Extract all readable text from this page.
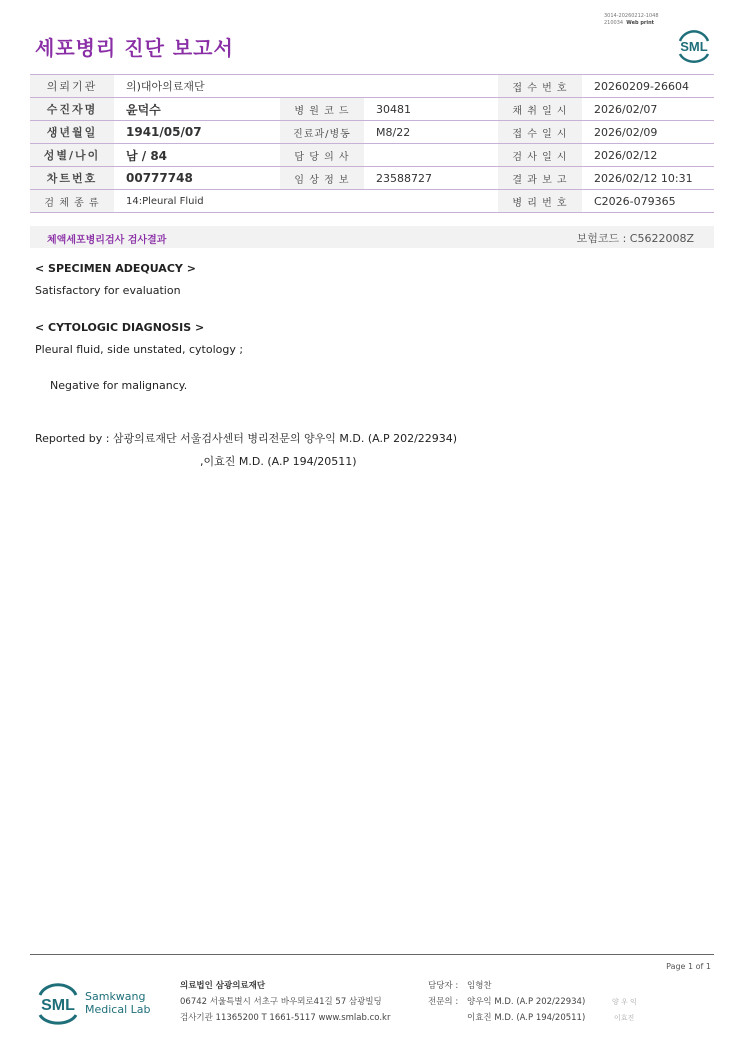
세포병리 진단 보고서
3014-20260212-1048
210034 Web print
SML
의뢰기관	의)대아의료재단			접 수 번 호	20260209-26604
수진자명	윤덕수	병 원 코 드	30481	채 취 일 시	2026/02/07
생년월일	1941/05/07	진료과/병동	M8/22	접 수 일 시	2026/02/09
성별/나이	남 / 84	담 당 의 사		검 사 일 시	2026/02/12
차트번호	00777748	임 상 정 보	23588727	결 과 보 고	2026/02/12 10:31
검 체 종 류	14:Pleural Fluid			병 리 번 호	C2026-079365
체액세포병리검사 검사결과	보험코드 : C5622008Z
< SPECIMEN ADEQUACY >
Satisfactory for evaluation
< CYTOLOGIC DIAGNOSIS >
Pleural fluid, side unstated, cytology ;
Negative for malignancy.
Reported by : 삼광의료재단 서울검사센터 병리전문의 양우익 M.D. (A.P 202/22934)
,이효진 M.D. (A.P 194/20511)
Page 1 of 1
SML
Samkwang
Medical Lab
의료법인 삼광의료재단
06742 서울특별시 서초구 바우뫼로41길 57 삼광빌딩
검사기관 11365200 T 1661-5117 www.smlab.co.kr
담당자 :
전문의 :
임형찬
양우익 M.D. (A.P 202/22934)
이효진 M.D. (A.P 194/20511)
양 우 익
이효진
